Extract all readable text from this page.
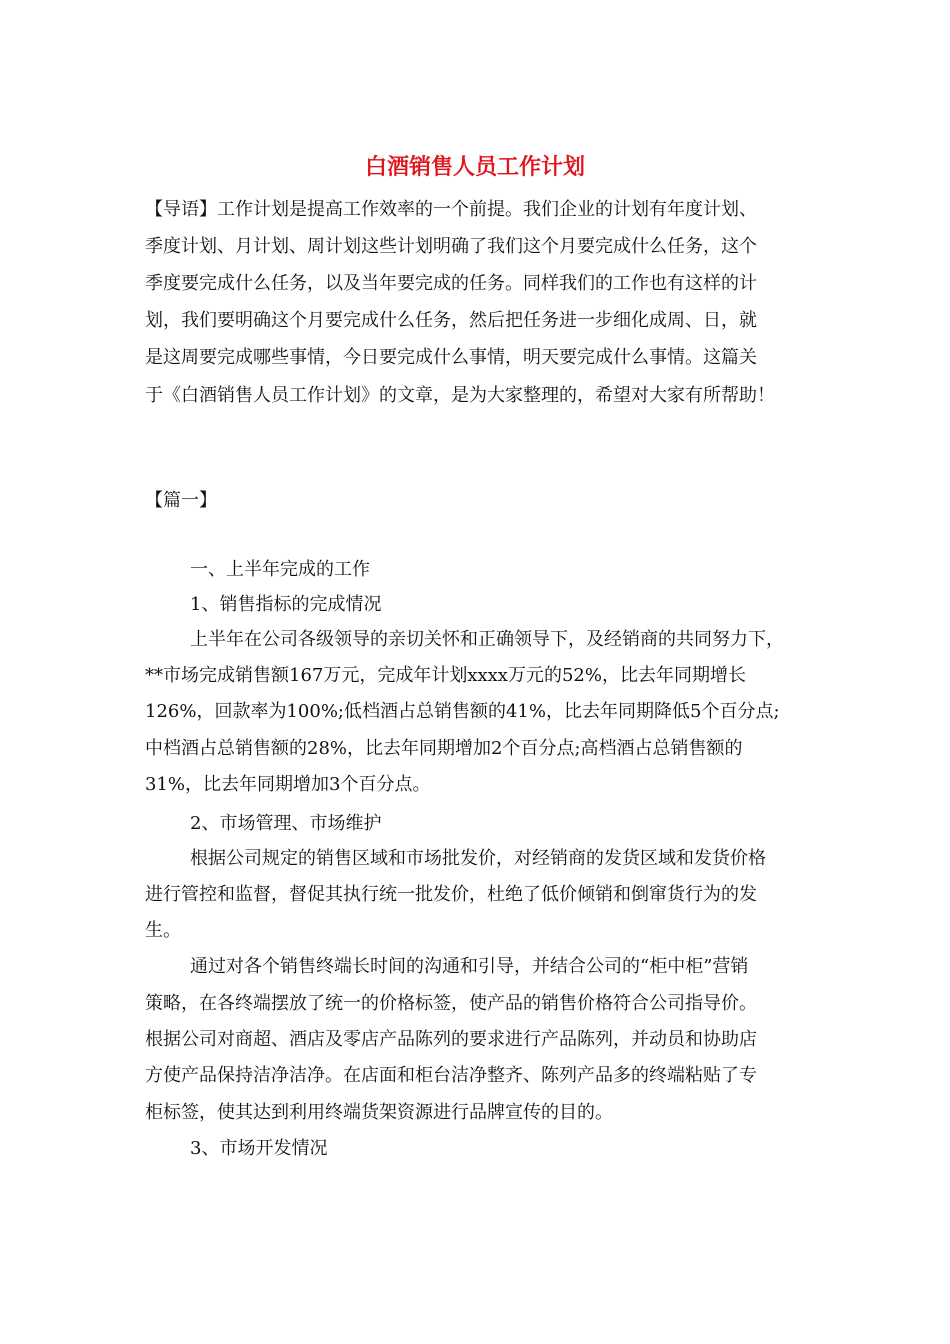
白酒销售人员工作计划
【导语】工作计划是提高工作效率的一个前提。我们企业的计划有年度计划、
季度计划、月计划、周计划这些计划明确了我们这个月要完成什么任务，这个
季度要完成什么任务，以及当年要完成的任务。同样我们的工作也有这样的计
划，我们要明确这个月要完成什么任务，然后把任务进一步细化成周、日，就
是这周要完成哪些事情，今日要完成什么事情，明天要完成什么事情。这篇关
于《白酒销售人员工作计划》的文章，是为大家整理的，希望对大家有所帮助！
【篇一】
一、上半年完成的工作
1、销售指标的完成情况
上半年在公司各级领导的亲切关怀和正确领导下，及经销商的共同努力下，
**市场完成销售额167万元，完成年计划xxxx万元的52%，比去年同期增长
126%，回款率为100%;低档酒占总销售额的41%，比去年同期降低5个百分点;
中档酒占总销售额的28%，比去年同期增加2个百分点;高档酒占总销售额的
31%，比去年同期增加3个百分点。
2、市场管理、市场维护
根据公司规定的销售区域和市场批发价，对经销商的发货区域和发货价格
进行管控和监督，督促其执行统一批发价，杜绝了低价倾销和倒窜货行为的发
生。
通过对各个销售终端长时间的沟通和引导，并结合公司的“柜中柜”营销
策略，在各终端摆放了统一的价格标签，使产品的销售价格符合公司指导价。
根据公司对商超、酒店及零店产品陈列的要求进行产品陈列，并动员和协助店
方使产品保持洁净洁净。在店面和柜台洁净整齐、陈列产品多的终端粘贴了专
柜标签，使其达到利用终端货架资源进行品牌宣传的目的。
3、市场开发情况
